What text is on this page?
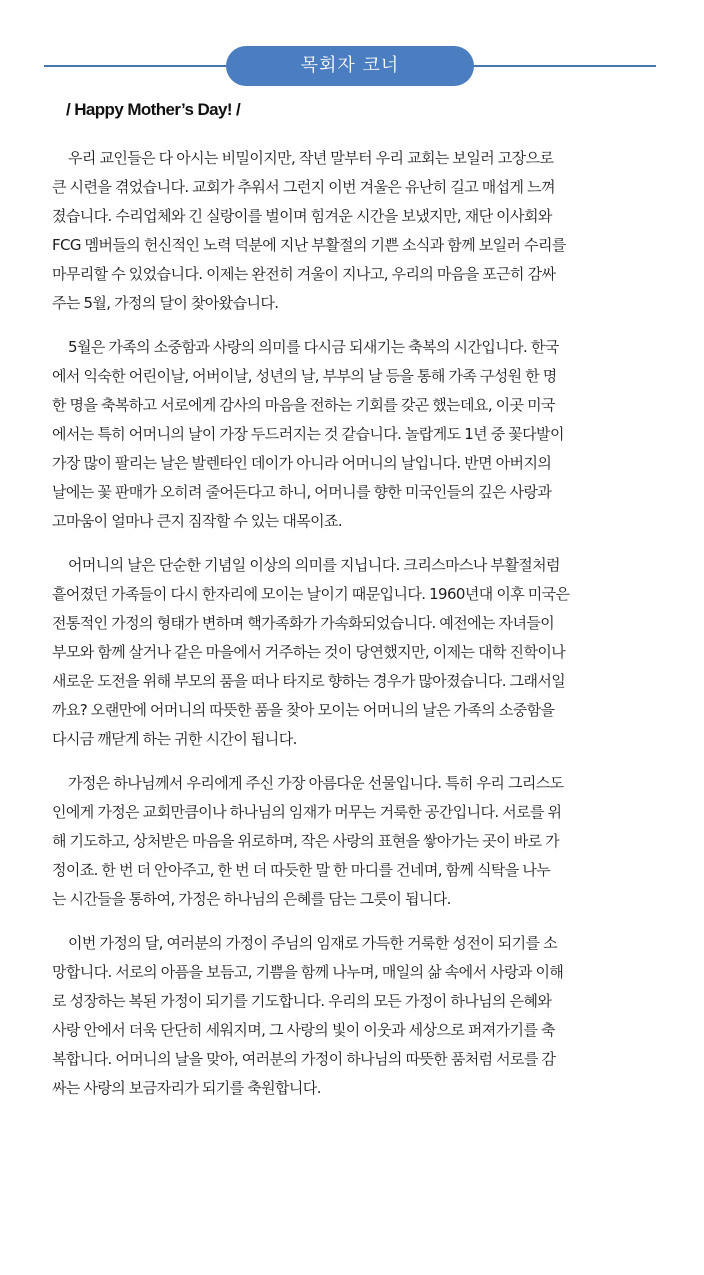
목회자 코너
/ Happy Mother’s Day! /

우리 교인들은 다 아시는 비밀이지만, 작년 말부터 우리 교회는 보일러 고장으로
큰 시련을 겪었습니다. 교회가 추워서 그런지 이번 겨울은 유난히 길고 매섭게 느껴
졌습니다. 수리업체와 긴 실랑이를 벌이며 힘겨운 시간을 보냈지만, 재단 이사회와
FCG 멤버들의 헌신적인 노력 덕분에 지난 부활절의 기쁜 소식과 함께 보일러 수리를
마무리할 수 있었습니다. 이제는 완전히 겨울이 지나고, 우리의 마음을 포근히 감싸
주는 5월, 가정의 달이 찾아왔습니다.

5월은 가족의 소중함과 사랑의 의미를 다시금 되새기는 축복의 시간입니다. 한국
에서 익숙한 어린이날, 어버이날, 성년의 날, 부부의 날 등을 통해 가족 구성원 한 명
한 명을 축복하고 서로에게 감사의 마음을 전하는 기회를 갖곤 했는데요, 이곳 미국
에서는 특히 어머니의 날이 가장 두드러지는 것 같습니다. 놀랍게도 1년 중 꽃다발이
가장 많이 팔리는 날은 발렌타인 데이가 아니라 어머니의 날입니다. 반면 아버지의
날에는 꽃 판매가 오히려 줄어든다고 하니, 어머니를 향한 미국인들의 깊은 사랑과
고마움이 얼마나 큰지 짐작할 수 있는 대목이죠.

어머니의 날은 단순한 기념일 이상의 의미를 지닙니다. 크리스마스나 부활절처럼
흩어졌던 가족들이 다시 한자리에 모이는 날이기 때문입니다. 1960년대 이후 미국은
전통적인 가정의 형태가 변하며 핵가족화가 가속화되었습니다. 예전에는 자녀들이
부모와 함께 살거나 같은 마을에서 거주하는 것이 당연했지만, 이제는 대학 진학이나
새로운 도전을 위해 부모의 품을 떠나 타지로 향하는 경우가 많아졌습니다. 그래서일
까요? 오랜만에 어머니의 따뜻한 품을 찾아 모이는 어머니의 날은 가족의 소중함을
다시금 깨닫게 하는 귀한 시간이 됩니다.

가정은 하나님께서 우리에게 주신 가장 아름다운 선물입니다. 특히 우리 그리스도
인에게 가정은 교회만큼이나 하나님의 임재가 머무는 거룩한 공간입니다. 서로를 위
해 기도하고, 상처받은 마음을 위로하며, 작은 사랑의 표현을 쌓아가는 곳이 바로 가
정이죠. 한 번 더 안아주고, 한 번 더 따듯한 말 한 마디를 건네며, 함께 식탁을 나누
는 시간들을 통하여, 가정은 하나님의 은혜를 담는 그릇이 됩니다.

이번 가정의 달, 여러분의 가정이 주님의 임재로 가득한 거룩한 성전이 되기를 소
망합니다. 서로의 아픔을 보듬고, 기쁨을 함께 나누며, 매일의 삶 속에서 사랑과 이해
로 성장하는 복된 가정이 되기를 기도합니다. 우리의 모든 가정이 하나님의 은혜와
사랑 안에서 더욱 단단히 세워지며, 그 사랑의 빛이 이웃과 세상으로 퍼져가기를 축
복합니다. 어머니의 날을 맞아, 여러분의 가정이 하나님의 따뜻한 품처럼 서로를 감
싸는 사랑의 보금자리가 되기를 축원합니다.
